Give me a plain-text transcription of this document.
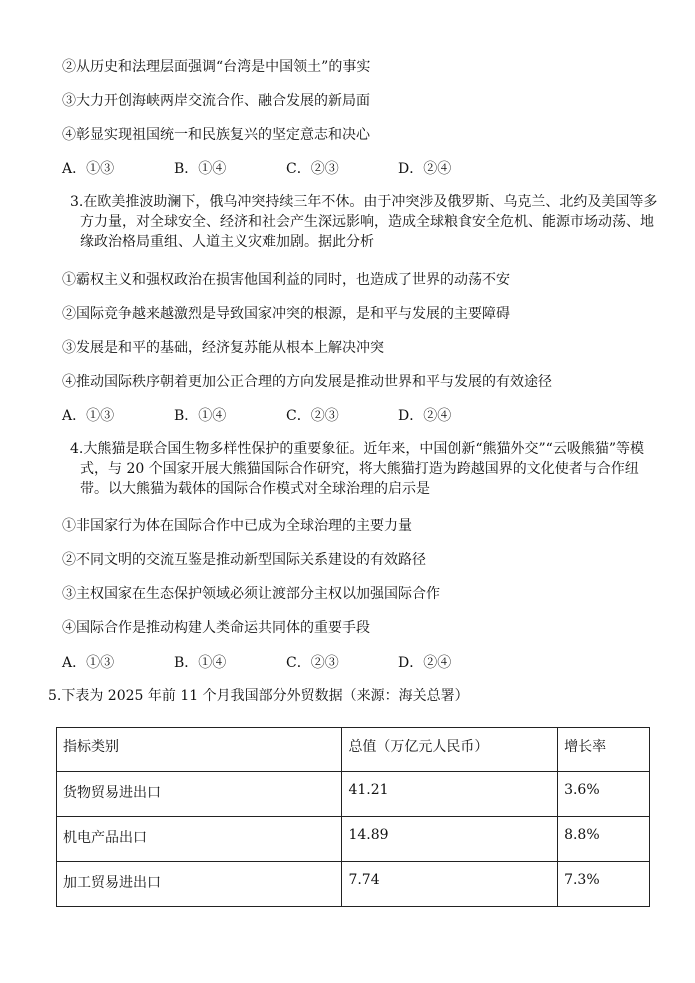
②从历史和法理层面强调“台湾是中国领土”的事实
③大力开创海峡两岸交流合作、融合发展的新局面
④彰显实现祖国统一和民族复兴的坚定意志和决心
A．①③	B．①④	C．②③	D．②④
3.在欧美推波助澜下，俄乌冲突持续三年不休。由于冲突涉及俄罗斯、乌克兰、北约及美国等多方力量，对全球安全、经济和社会产生深远影响，造成全球粮食安全危机、能源市场动荡、地缘政治格局重组、人道主义灾难加剧。据此分析
①霸权主义和强权政治在损害他国利益的同时，也造成了世界的动荡不安
②国际竞争越来越激烈是导致国家冲突的根源，是和平与发展的主要障碍
③发展是和平的基础，经济复苏能从根本上解决冲突
④推动国际秩序朝着更加公正合理的方向发展是推动世界和平与发展的有效途径
A．①③	B．①④	C．②③	D．②④
4.大熊猫是联合国生物多样性保护的重要象征。近年来，中国创新“熊猫外交”“云吸熊猫”等模式，与 20 个国家开展大熊猫国际合作研究，将大熊猫打造为跨越国界的文化使者与合作纽带。以大熊猫为载体的国际合作模式对全球治理的启示是
①非国家行为体在国际合作中已成为全球治理的主要力量
②不同文明的交流互鉴是推动新型国际关系建设的有效路径
③主权国家在生态保护领域必须让渡部分主权以加强国际合作
④国际合作是推动构建人类命运共同体的重要手段
A．①③	B．①④	C．②③	D．②④
5.下表为 2025 年前 11 个月我国部分外贸数据（来源：海关总署）
指标类别	总值（万亿元人民币）	增长率
货物贸易进出口	41.21	3.6%
机电产品出口	14.89	8.8%
加工贸易进出口	7.74	7.3%
